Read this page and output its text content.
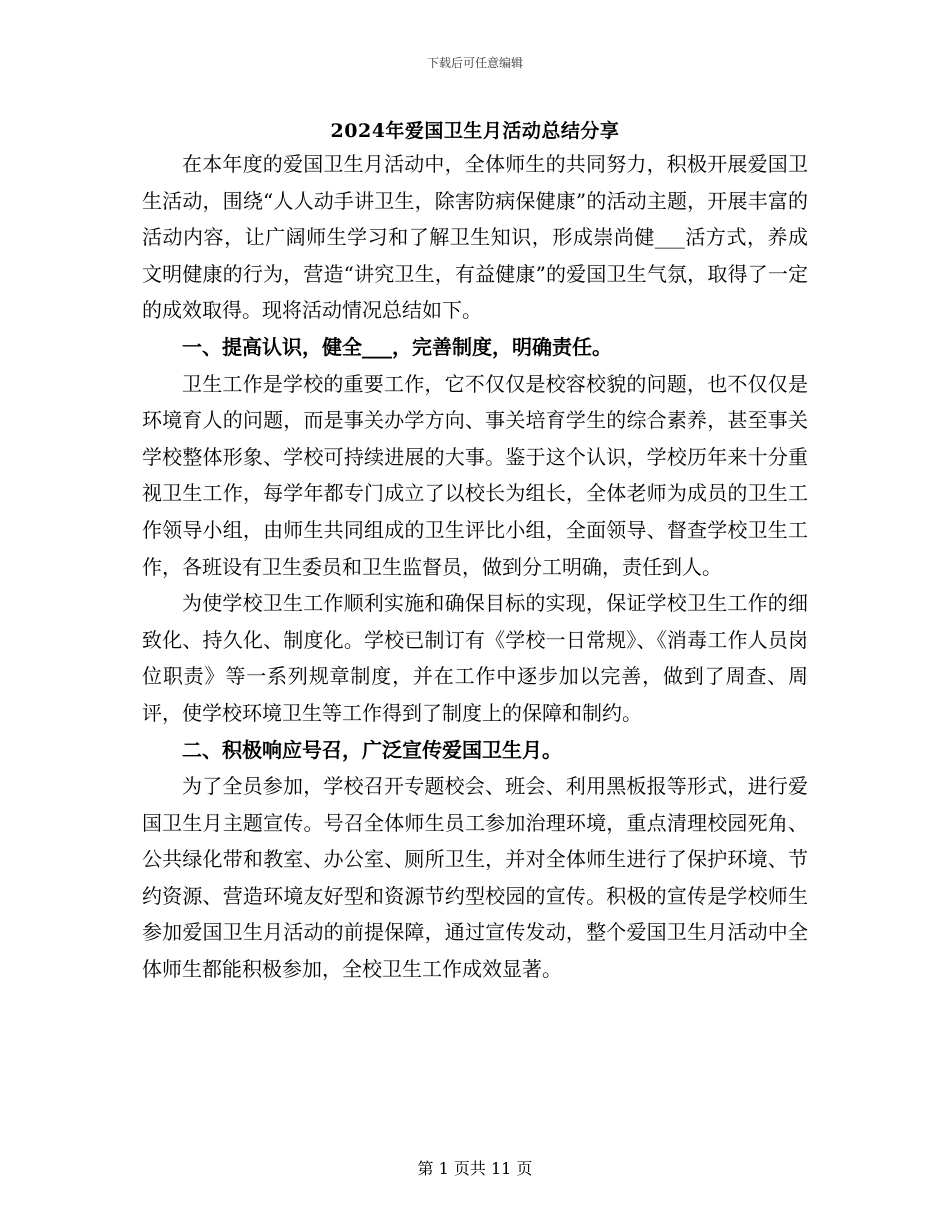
下载后可任意编辑
2024年爱国卫生月活动总结分享

在本年度的爱国卫生月活动中，全体师生的共同努力，积极开展爱国卫生活动，围绕“人人动手讲卫生，除害防病保健康”的活动主题，开展丰富的活动内容，让广阔师生学习和了解卫生知识，形成崇尚健___活方式，养成文明健康的行为，营造“讲究卫生，有益健康”的爱国卫生气氛，取得了一定的成效取得。现将活动情况总结如下。

一、提高认识，健全___，完善制度，明确责任。

卫生工作是学校的重要工作，它不仅仅是校容校貌的问题，也不仅仅是环境育人的问题，而是事关办学方向、事关培育学生的综合素养，甚至事关学校整体形象、学校可持续进展的大事。鉴于这个认识，学校历年来十分重视卫生工作，每学年都专门成立了以校长为组长，全体老师为成员的卫生工作领导小组，由师生共同组成的卫生评比小组，全面领导、督查学校卫生工作，各班设有卫生委员和卫生监督员，做到分工明确，责任到人。

为使学校卫生工作顺利实施和确保目标的实现，保证学校卫生工作的细致化、持久化、制度化。学校已制订有《学校一日常规》、《消毒工作人员岗位职责》等一系列规章制度，并在工作中逐步加以完善，做到了周查、周评，使学校环境卫生等工作得到了制度上的保障和制约。

二、积极响应号召，广泛宣传爱国卫生月。

为了全员参加，学校召开专题校会、班会、利用黑板报等形式，进行爱国卫生月主题宣传。号召全体师生员工参加治理环境，重点清理校园死角、公共绿化带和教室、办公室、厕所卫生，并对全体师生进行了保护环境、节约资源、营造环境友好型和资源节约型校园的宣传。积极的宣传是学校师生参加爱国卫生月活动的前提保障，通过宣传发动，整个爱国卫生月活动中全体师生都能积极参加，全校卫生工作成效显著。

第 1 页共 11 页
